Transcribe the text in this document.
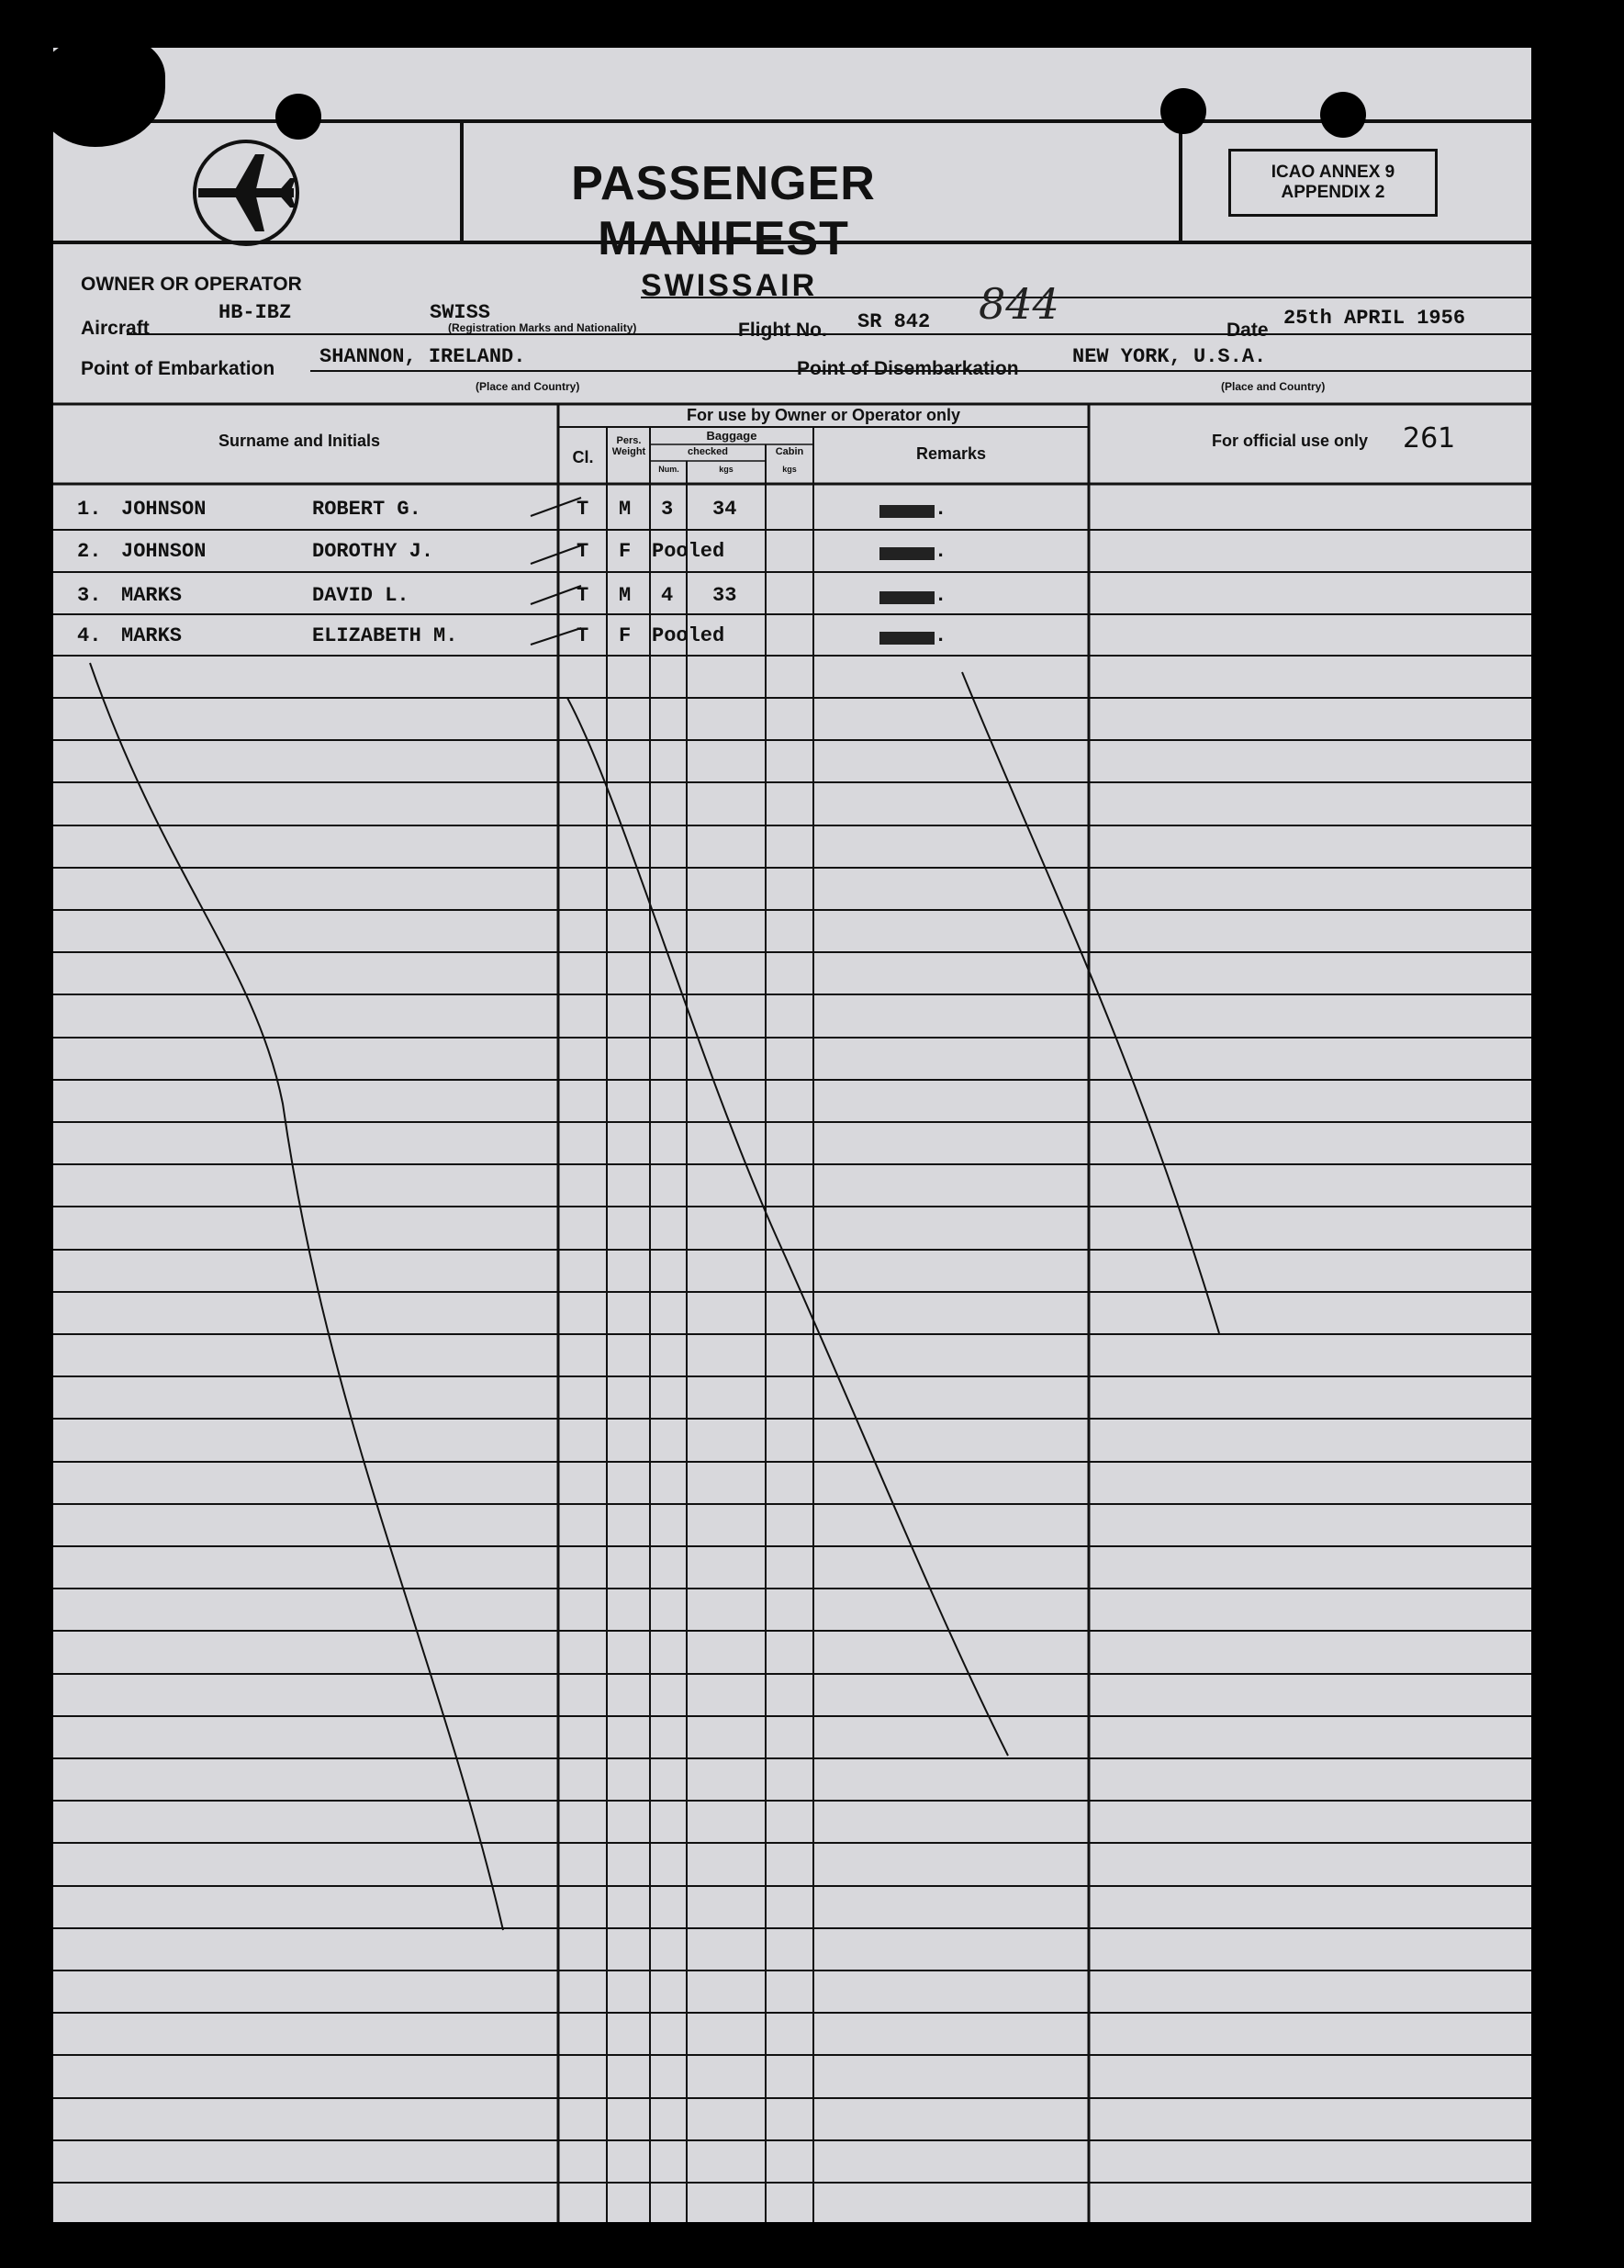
PASSENGER MANIFEST
ICAO ANNEX 9
APPENDIX 2
OWNER OR OPERATOR	SWISSAIR
Aircraft
HB-IBZ	SWISS
(Registration Marks and Nationality)	Flight No. SR 842 844
Date
25th APRIL 1956
Point of Embarkation
SHANNON, IRELAND.
(Place and Country)
Point of Disembarkation
NEW YORK, U.S.A.
(Place and Country)
Surname and Initials
For use by Owner or Operator only
Cl.
Pers. Weight
Baggage
checked
Num.	kgs
Cabin
kgs
Remarks
For official use only 261
1. JOHNSON	ROBERT G.	T M 3 34	.
2. JOHNSON	DOROTHY J.	T F Pooled	.
3. MARKS	DAVID L.	T M 4 33	.
4. MARKS	ELIZABETH M.	T F Pooled	.
